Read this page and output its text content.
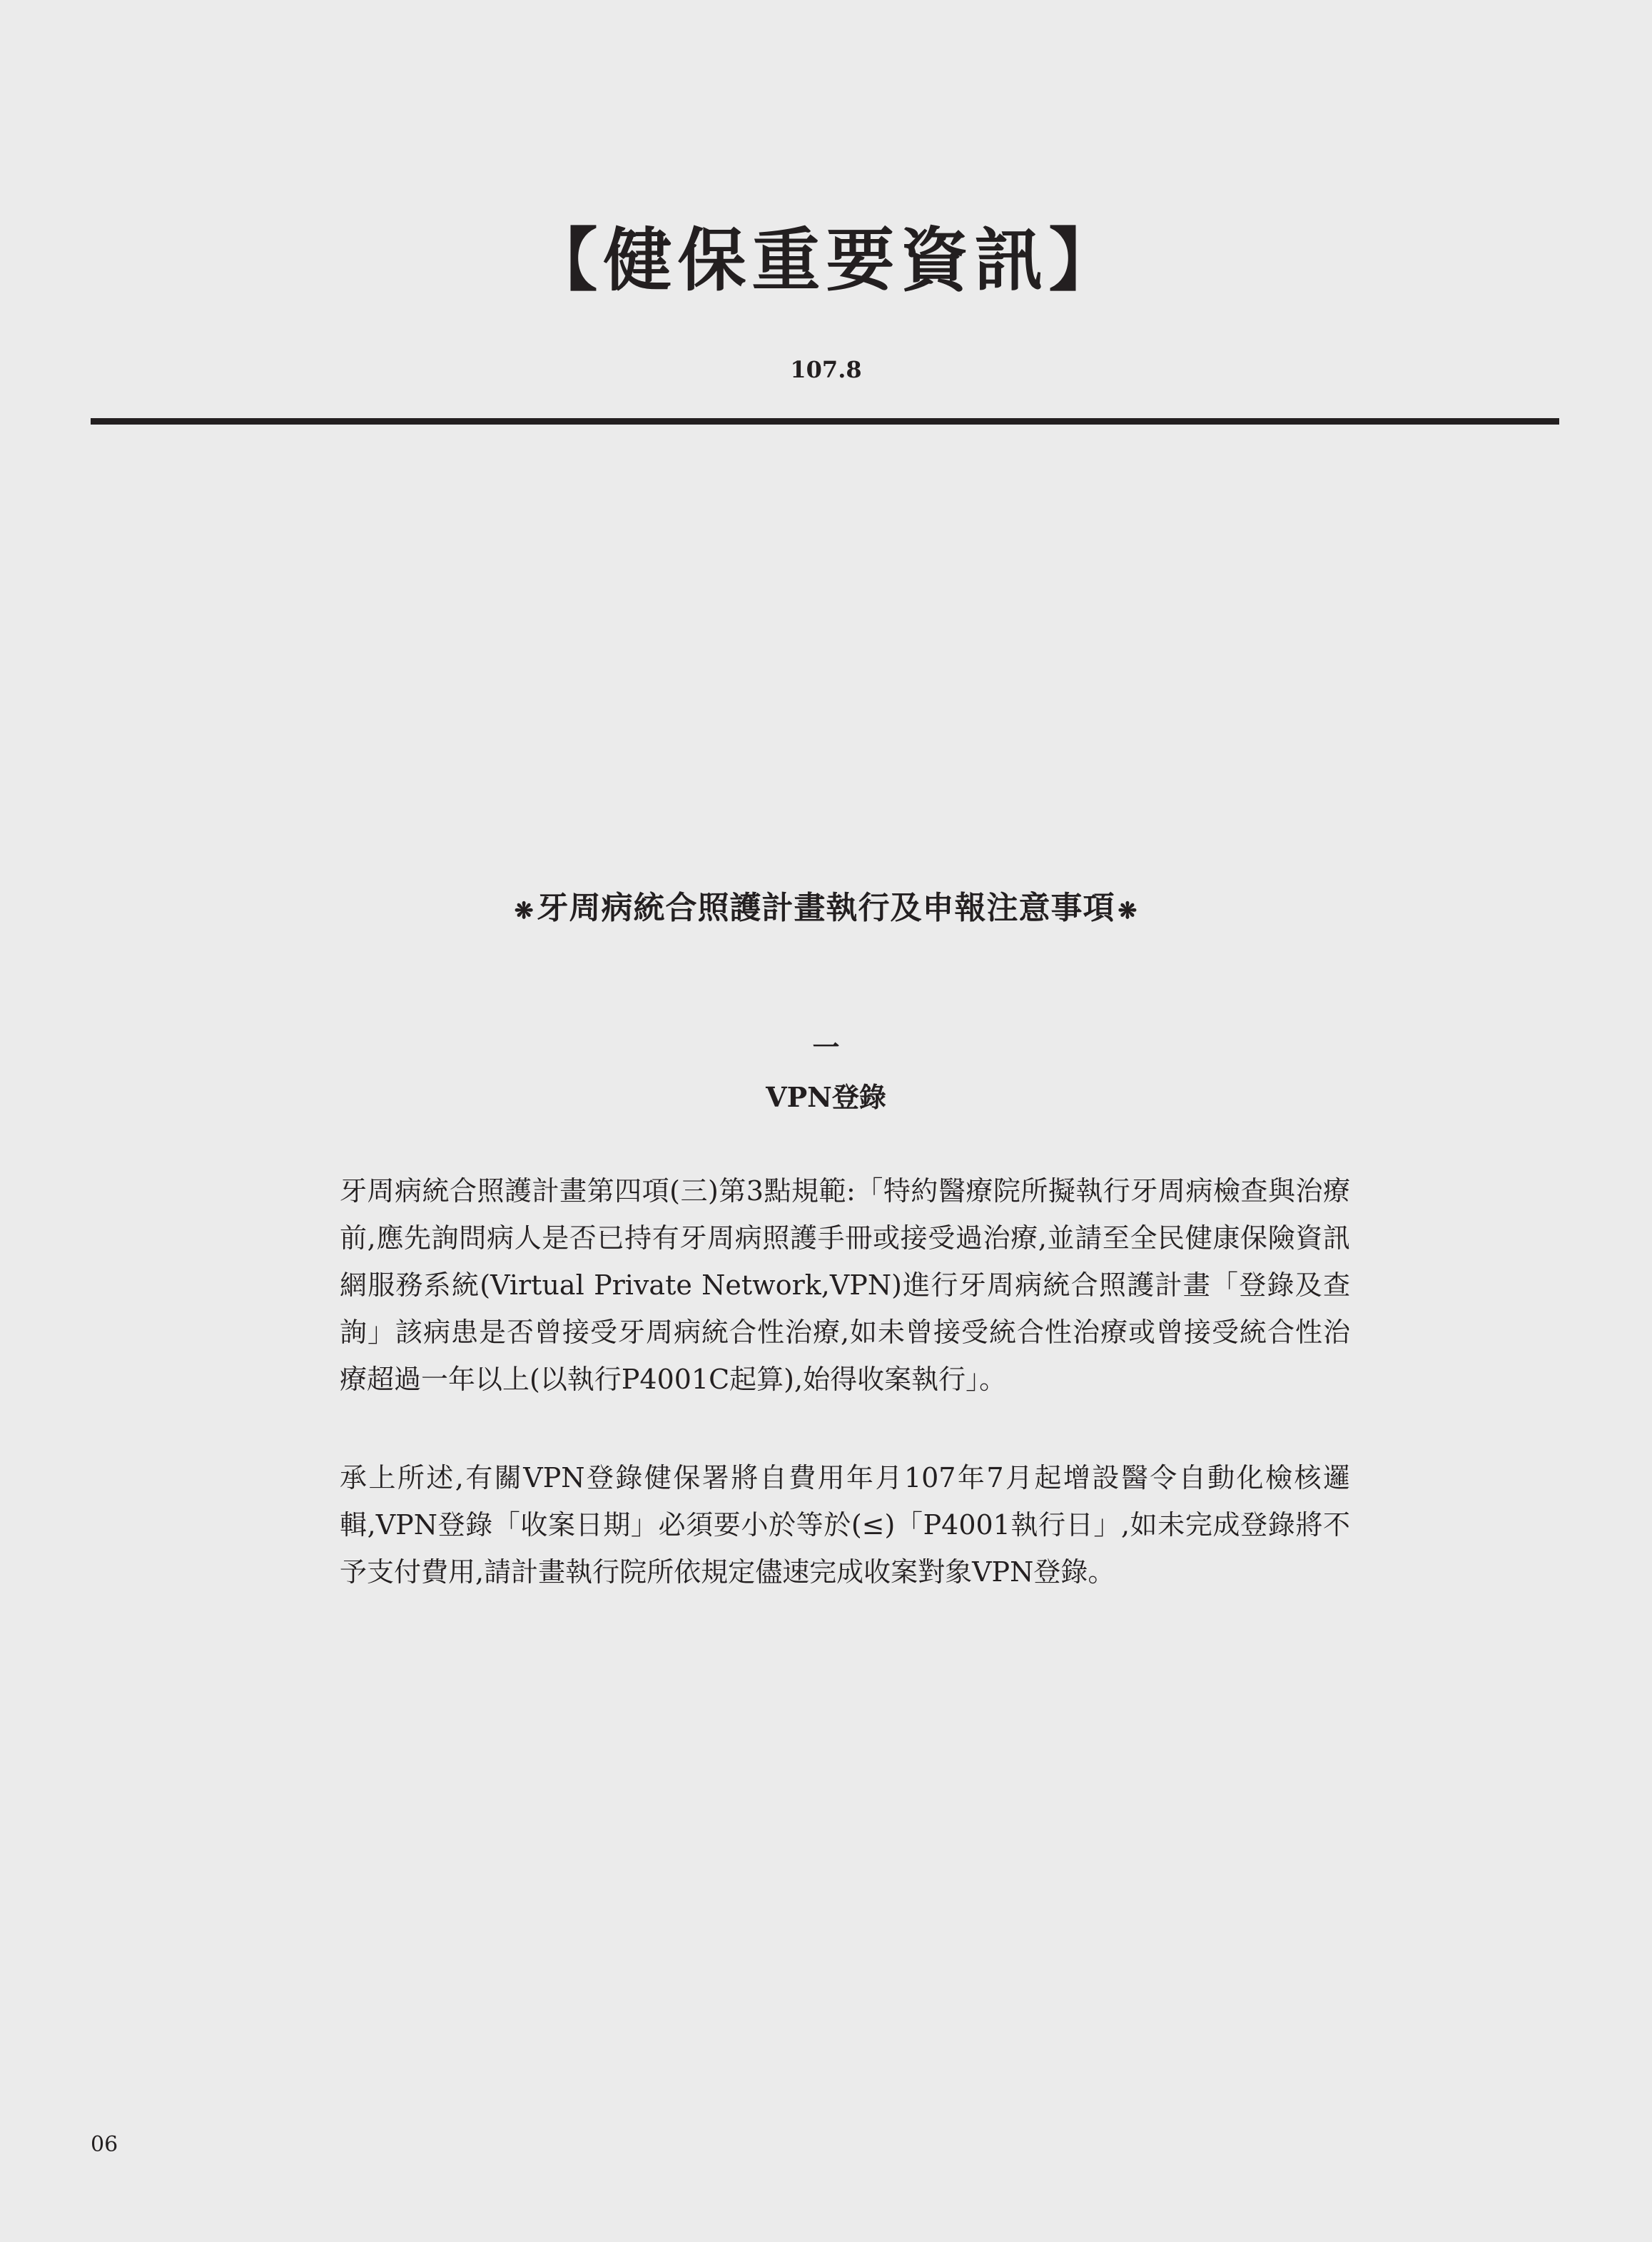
【健保重要資訊】
107.8
❋牙周病統合照護計畫執行及申報注意事項 ❋
一
VPN登錄

牙周病統合照護計畫第四項(三)第3點規範:「特約醫療院所擬執行牙周病檢查與治療前,應先詢問病人是否已持有牙周病照護手冊或接受過治療,並請至全民健康保險資訊網服務系統(Virtual Private Network,VPN)進行牙周病統合照護計畫「登錄及查詢」該病患是否曾接受牙周病統合性治療,如未曾接受統合性治療或曾接受統合性治療超過一年以上(以執行P4001C起算),始得收案執行」。

承上所述,有關VPN登錄健保署將自費用年月107年7月起增設醫令自動化檢核邏輯,VPN登錄「收案日期」必須要小於等於(≤)「P4001執行日」,如未完成登錄將不予支付費用,請計畫執行院所依規定儘速完成收案對象VPN登錄。

06
